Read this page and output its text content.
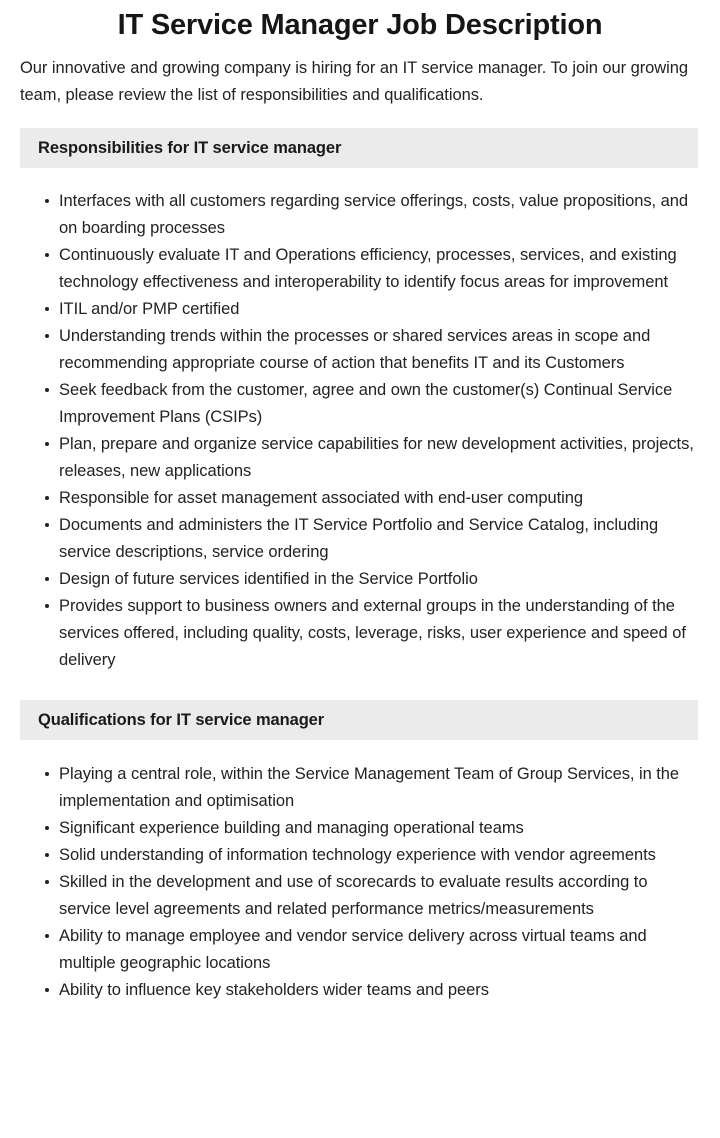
IT Service Manager Job Description

Our innovative and growing company is hiring for an IT service manager. To join our growing team, please review the list of responsibilities and qualifications.

Responsibilities for IT service manager
Interfaces with all customers regarding service offerings, costs, value propositions, and on boarding processes
Continuously evaluate IT and Operations efficiency, processes, services, and existing technology effectiveness and interoperability to identify focus areas for improvement
ITIL and/or PMP certified
Understanding trends within the processes or shared services areas in scope and recommending appropriate course of action that benefits IT and its Customers
Seek feedback from the customer, agree and own the customer(s) Continual Service Improvement Plans (CSIPs)
Plan, prepare and organize service capabilities for new development activities, projects, releases, new applications
Responsible for asset management associated with end-user computing
Documents and administers the IT Service Portfolio and Service Catalog, including service descriptions, service ordering
Design of future services identified in the Service Portfolio
Provides support to business owners and external groups in the understanding of the services offered, including quality, costs, leverage, risks, user experience and speed of delivery
Qualifications for IT service manager
Playing a central role, within the Service Management Team of Group Services, in the implementation and optimisation
Significant experience building and managing operational teams
Solid understanding of information technology experience with vendor agreements
Skilled in the development and use of scorecards to evaluate results according to service level agreements and related performance metrics/measurements
Ability to manage employee and vendor service delivery across virtual teams and multiple geographic locations
Ability to influence key stakeholders wider teams and peers
